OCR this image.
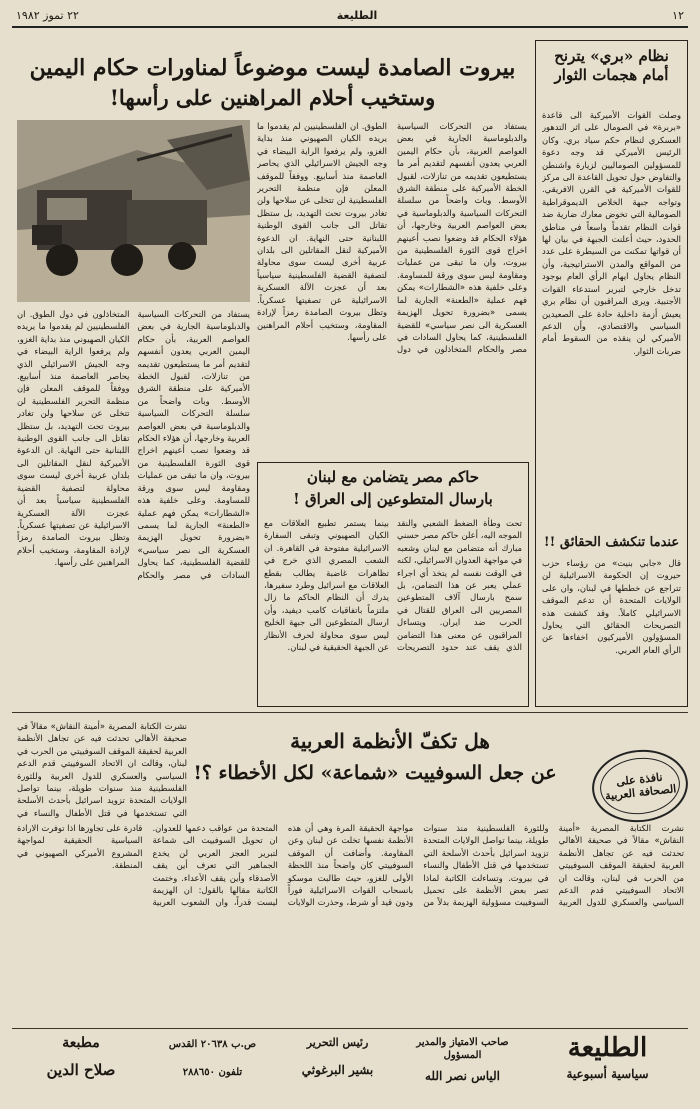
١٢
الطليعة
٢٢ تموز ١٩٨٢
نظام «بري» يترنح أمام هجمات الثوار
وصلت القوات الأميركية الى قاعدة «بربرة» في الصومال على اثر التدهور العسكري لنظام حكم سياد بري. وكان الرئيس الأميركي قد وجه دعوة للمسؤولين الصوماليين لزيارة واشنطن والتفاوض حول تحويل القاعدة الى مركز للقوات الأميركية في القرن الافريقي. وتواجه جبهة الخلاص الديموقراطية الصومالية التي تخوض معارك ضارية ضد قوات النظام تقدماً واسعاً في مناطق الحدود، حيث أعلنت الجبهة في بيان لها أن قواتها تمكنت من السيطرة على عدد من المواقع والمدن الاستراتيجية، وأن النظام يحاول ايهام الرأي العام بوجود تدخل خارجي لتبرير استدعاء القوات الأجنبية. ويرى المراقبون أن نظام بري يعيش أزمة داخلية حادة على الصعيدين السياسي والاقتصادي، وأن الدعم الأميركي لن ينقذه من السقوط أمام ضربات الثوار.
عندما تنكشف الحقائق !!
قال «جابي بنيت» من رؤساء حزب حيروت إن الحكومة الاسرائيلية لن تتراجع عن خططها في لبنان، وان على الولايات المتحدة أن تدعم الموقف الاسرائيلي كاملاً. وقد كشفت هذه التصريحات الحقائق التي يحاول المسؤولون الأميركيون اخفاءها عن الرأي العام العربي.
بيروت الصامدة ليست موضوعاً لمناورات حكام اليمين
وستخيب أحلام المراهنين على رأسها!
يستفاد من التحركات السياسية والدبلوماسية الجارية في بعض العواصم العربية، بأن حكام اليمين العربي يعدون أنفسهم لتقديم أمر ما يستطيعون تقديمه من تنازلات، لقبول الخطة الأميركية على منطقة الشرق الأوسط. وبات واضحاً من سلسلة التحركات السياسية والدبلوماسية في بعض العواصم العربية وخارجها، أن هؤلاء الحكام قد وضعوا نصب أعينهم اخراج قوى الثورة الفلسطينية من بيروت، وان ما تبقى من عمليات ومقاومة ليس سوى ورقة للمساومة. وعلى خلفية هذه «الشطارات» يمكن فهم عملية «الطعنة» الجارية لما يسمى «بضرورة تحويل الهزيمة العسكرية الى نصر سياسي» للقضية الفلسطينية، كما يحاول السادات في مصر والحكام المتخاذلون في دول الطوق. ان الفلسطينيين لم يقدموا ما يريده الكيان الصهيوني منذ بداية الغزو، ولم يرفعوا الراية البيضاء في وجه الجيش الاسرائيلي الذي يحاصر العاصمة منذ أسابيع. ووفقاً للموقف المعلن فإن منظمة التحرير الفلسطينية لن تتخلى عن سلاحها ولن تغادر بيروت تحت التهديد، بل ستظل تقاتل الى جانب القوى الوطنية اللبنانية حتى النهاية. ان الدعوة الأميركية لنقل المقاتلين الى بلدان عربية أخرى ليست سوى محاولة لتصفية القضية الفلسطينية سياسياً بعد أن عجزت الآلة العسكرية الاسرائيلية عن تصفيتها عسكرياً. وتظل بيروت الصامدة رمزاً لإرادة المقاومة، وستخيب أحلام المراهنين على رأسها.
يستفاد من التحركات السياسية والدبلوماسية الجارية في بعض العواصم العربية، بأن حكام اليمين العربي يعدون أنفسهم لتقديم أمر ما يستطيعون تقديمه من تنازلات، لقبول الخطة الأميركية على منطقة الشرق الأوسط. وبات واضحاً من سلسلة التحركات السياسية والدبلوماسية في بعض العواصم العربية وخارجها، أن هؤلاء الحكام قد وضعوا نصب أعينهم اخراج قوى الثورة الفلسطينية من بيروت، وان ما تبقى من عمليات ومقاومة ليس سوى ورقة للمساومة. وعلى خلفية هذه «الشطارات» يمكن فهم عملية «الطعنة» الجارية لما يسمى «بضرورة تحويل الهزيمة العسكرية الى نصر سياسي» للقضية الفلسطينية، كما يحاول السادات في مصر والحكام المتخاذلون في دول الطوق. ان الفلسطينيين لم يقدموا ما يريده الكيان الصهيوني منذ بداية الغزو، ولم يرفعوا الراية البيضاء في وجه الجيش الاسرائيلي الذي يحاصر العاصمة منذ أسابيع. ووفقاً للموقف المعلن فإن منظمة التحرير الفلسطينية لن تتخلى عن سلاحها ولن تغادر بيروت تحت التهديد، بل ستظل تقاتل الى جانب القوى الوطنية اللبنانية حتى النهاية. ان الدعوة الأميركية لنقل المقاتلين الى بلدان عربية أخرى ليست سوى محاولة لتصفية القضية الفلسطينية سياسياً بعد أن عجزت الآلة العسكرية الاسرائيلية عن تصفيتها عسكرياً. وتظل بيروت الصامدة رمزاً لإرادة المقاومة، وستخيب أحلام المراهنين على رأسها.
حاكم مصر يتضامن مع لبنان
بارسال المتطوعين إلى العراق !
تحت وطأة الضغط الشعبي والنقد الموجه اليه، أعلن حاكم مصر حسني مبارك أنه متضامن مع لبنان وشعبه في مواجهة العدوان الاسرائيلي، لكنه في الوقت نفسه لم يتخذ أي اجراء عملي يعبر عن هذا التضامن، بل سمح بارسال آلاف المتطوعين المصريين الى العراق للقتال في الحرب ضد ايران. ويتساءل المراقبون عن معنى هذا التضامن الذي يقف عند حدود التصريحات بينما يستمر تطبيع العلاقات مع الكيان الصهيوني وتبقى السفارة الاسرائيلية مفتوحة في القاهرة. ان الشعب المصري الذي خرج في تظاهرات غاضبة يطالب بقطع العلاقات مع اسرائيل وطرد سفيرها، يدرك أن النظام الحاكم ما زال ملتزماً باتفاقيات كامب ديفيد، وأن ارسال المتطوعين الى جبهة الخليج ليس سوى محاولة لحرف الأنظار عن الجبهة الحقيقية في لبنان.
نافذة على الصحافة العربية
هل تكفّ الأنظمة العربية
عن جعل السوفييت «شماعة» لكل الأخطاء ؟!
نشرت الكتابة المصرية «أمينة النقاش» مقالاً في صحيفة الأهالي تحدثت فيه عن تجاهل الأنظمة العربية لحقيقة الموقف السوفييتي من الحرب في لبنان، وقالت ان الاتحاد السوفييتي قدم الدعم السياسي والعسكري للدول العربية وللثورة الفلسطينية منذ سنوات طويلة، بينما تواصل الولايات المتحدة تزويد اسرائيل بأحدث الأسلحة التي تستخدمها في قتل الأطفال والنساء في بيروت. وتساءلت الكاتبة لماذا تصر بعض الأنظمة على تحميل السوفييت مسؤولية الهزيمة بدلاً من مواجهة الحقيقة المرة وهي أن هذه الأنظمة نفسها تخلت عن لبنان وعن المقاومة. وأضافت أن الموقف السوفييتي كان واضحاً منذ اللحظة الأولى للغزو، حيث طالبت موسكو بانسحاب القوات الاسرائيلية فوراً ودون قيد أو شرط، وحذرت الولايات المتحدة من عواقب دعمها للعدوان. ان تحويل السوفييت الى شماعة لتبرير العجز العربي لن يخدع الجماهير التي تعرف أين يقف الأصدقاء وأين يقف الأعداء. وختمت الكاتبة مقالها بالقول: ان الهزيمة ليست قدراً، وان الشعوب العربية قادرة على تجاوزها اذا توفرت الارادة السياسية الحقيقية لمواجهة المشروع الأميركي الصهيوني في المنطقة.
نشرت الكتابة المصرية «أمينة النقاش» مقالاً في صحيفة الأهالي تحدثت فيه عن تجاهل الأنظمة العربية لحقيقة الموقف السوفييتي من الحرب في لبنان، وقالت ان الاتحاد السوفييتي قدم الدعم السياسي والعسكري للدول العربية وللثورة الفلسطينية منذ سنوات طويلة، بينما تواصل الولايات المتحدة تزويد اسرائيل بأحدث الأسلحة التي تستخدمها في قتل الأطفال والنساء في
الطليعة
سياسية أسبوعية
صاحب الامتياز والمدير المسؤول
الياس نصر الله
رئيس التحرير
بشير البرغوثي
ص.ب ٢٠٦٣٨ القدس
تلفون ٢٨٨٦٥٠
مطبعة
صلاح الدين
